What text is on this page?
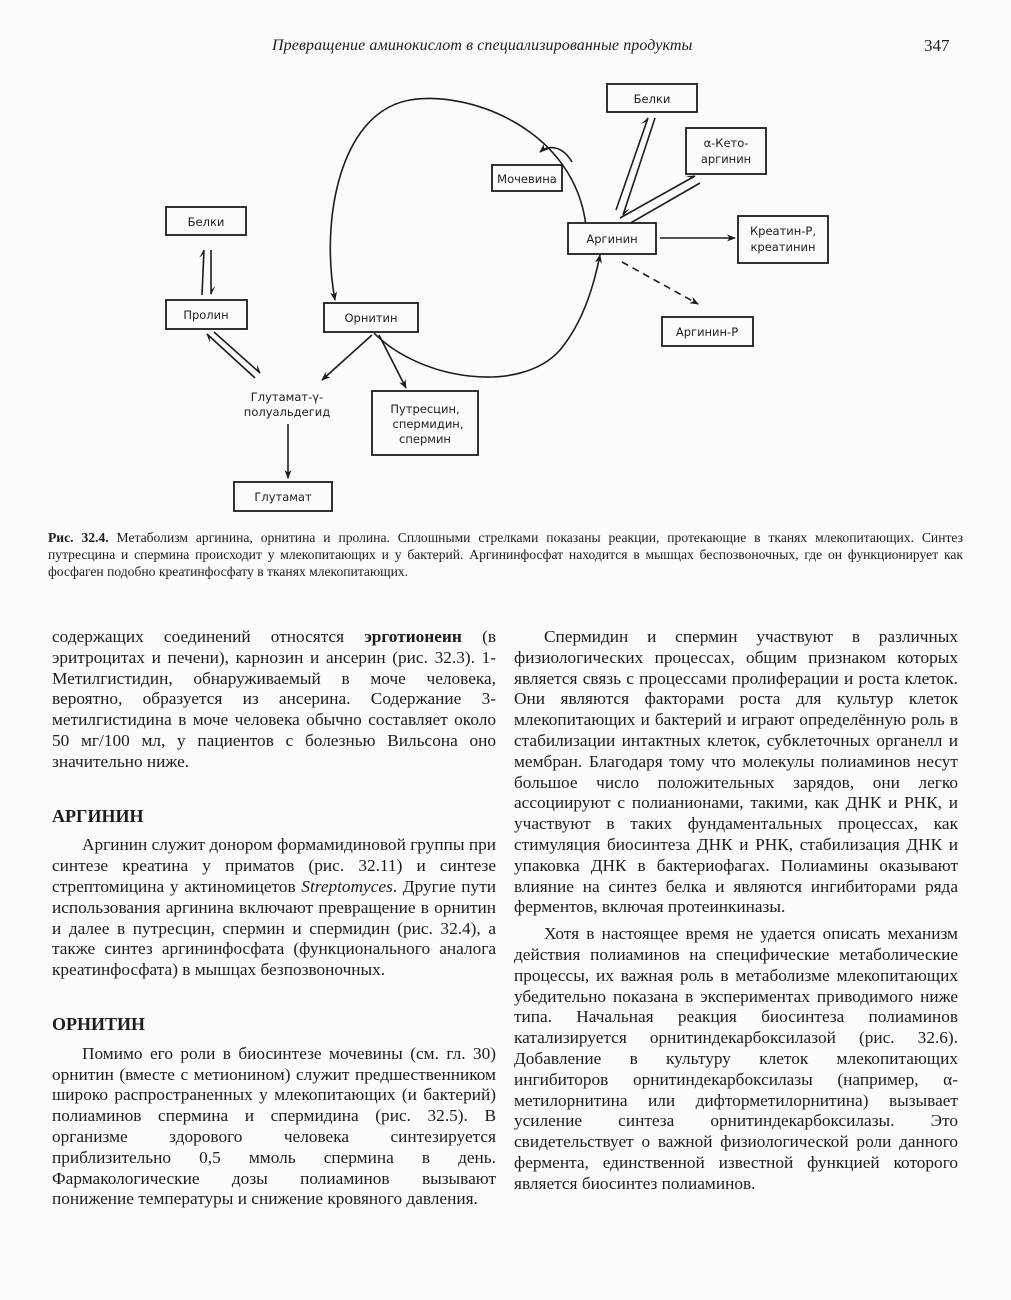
Превращение аминокислот в специализированные продукты	347
Белки
α-Кето-
аргинин
Мочевина
Аргинин
Креатин-Р,
креатинин
Аргинин-Р
Белки
Пролин	Орнитин
Глутамат-γ-
полуальдегид	Путресцин,
спермидин,
спермин
Глутамат
Рис. 32.4. Метаболизм аргинина, орнитина и пролина. Сплошными стрелками показаны реакции, протекающие в тканях млекопитающих. Синтез путресцина и спермина происходит у млекопитающих и у бактерий. Аргининфосфат находится в мышцах беспозвоночных, где он функционирует как фосфаген подобно креатинфосфату в тканях млекопитающих.

содержащих соединений относятся эрготионеин (в эритроцитах и печени), карнозин и ансерин (рис. 32.3). 1-Метилгистидин, обнаруживаемый в моче человека, вероятно, образуется из ансерина. Содержание 3-метилгистидина в моче человека обычно составляет около 50 мг/100 мл, у пациентов с болезнью Вильсона оно значительно ниже.

АРГИНИН

Аргинин служит донором формамидиновой группы при синтезе креатина у приматов (рис. 32.11) и синтезе стрептомицина у актиномицетов Streptomyces. Другие пути использования аргинина включают превращение в орнитин и далее в путресцин, спермин и спермидин (рис. 32.4), а также синтез аргининфосфата (функционального аналога креатинфосфата) в мышцах безпозвоночных.

ОРНИТИН

Помимо его роли в биосинтезе мочевины (см. гл. 30) орнитин (вместе с метионином) служит предшественником широко распространенных у млекопитающих (и бактерий) полиаминов спермина и спермидина (рис. 32.5). В организме здорового человека синтезируется приблизительно 0,5 ммоль спермина в день. Фармакологические дозы полиаминов вызывают понижение температуры и снижение кровяного давления.

Спермидин и спермин участвуют в различных физиологических процессах, общим признаком которых является связь с процессами пролиферации и роста клеток. Они являются факторами роста для культур клеток млекопитающих и бактерий и играют определённую роль в стабилизации интактных клеток, субклеточных органелл и мембран. Благодаря тому что молекулы полиаминов несут большое число положительных зарядов, они легко ассоциируют с полианионами, такими, как ДНК и РНК, и участвуют в таких фундаментальных процессах, как стимуляция биосинтеза ДНК и РНК, стабилизация ДНК и упаковка ДНК в бактериофагах. Полиамины оказывают влияние на синтез белка и являются ингибиторами ряда ферментов, включая протеинкиназы.

Хотя в настоящее время не удается описать механизм действия полиаминов на специфические метаболические процессы, их важная роль в метаболизме млекопитающих убедительно показана в экспериментах приводимого ниже типа. Начальная реакция биосинтеза полиаминов катализируется орнитиндекарбоксилазой (рис. 32.6). Добавление в культуру клеток млекопитающих ингибиторов орнитиндекарбоксилазы (например, α-метилорнитина или дифторметилорнитина) вызывает усиление синтеза орнитиндекарбоксилазы. Это свидетельствует о важной физиологической роли данного фермента, единственной известной функцией которого является биосинтез полиаминов.
